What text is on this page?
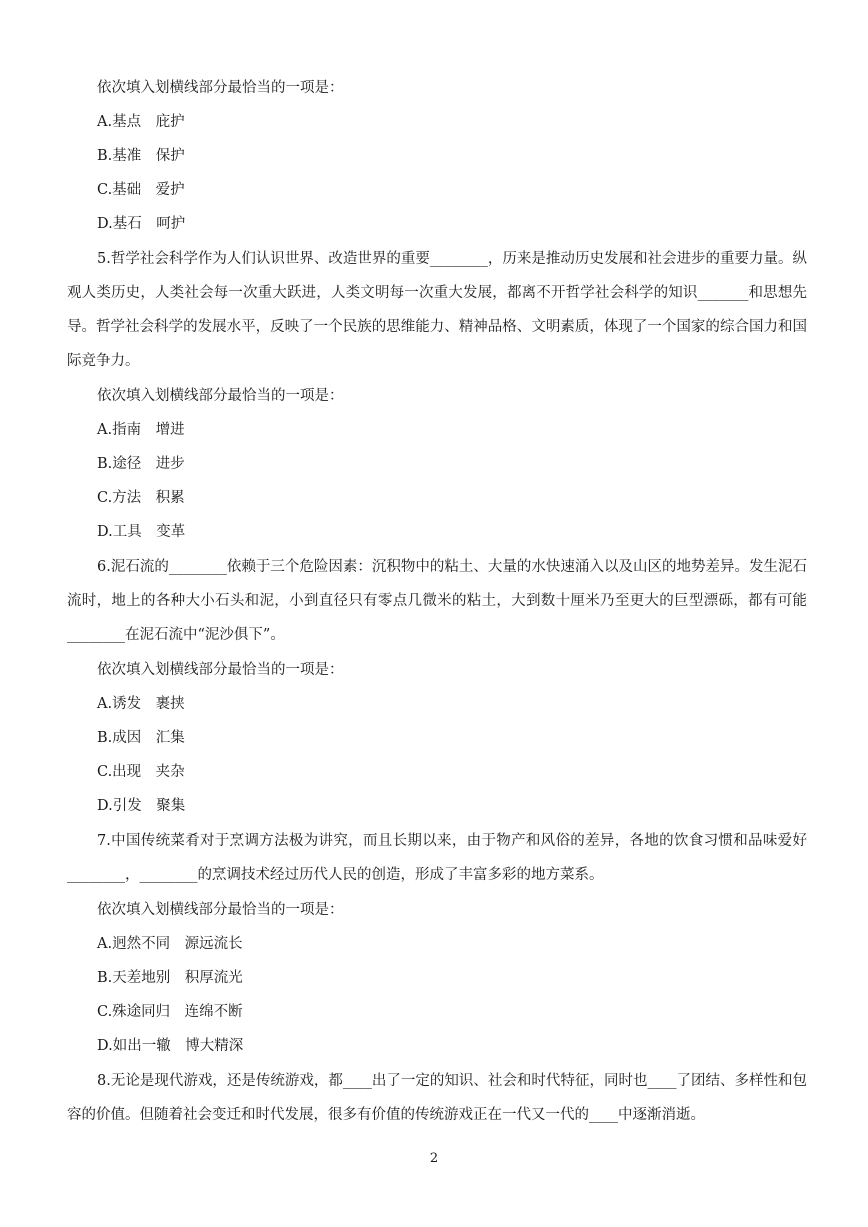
依次填入划横线部分最恰当的一项是：

A.基点　庇护

B.基准　保护

C.基础　爱护

D.基石　呵护

5.哲学社会科学作为人们认识世界、改造世界的重要________，历来是推动历史发展和社会进步的重要力量。纵观人类历史，人类社会每一次重大跃进，人类文明每一次重大发展，都离不开哲学社会科学的知识_______和思想先导。哲学社会科学的发展水平，反映了一个民族的思维能力、精神品格、文明素质，体现了一个国家的综合国力和国际竞争力。

依次填入划横线部分最恰当的一项是：

A.指南　增进

B.途径　进步

C.方法　积累

D.工具　变革

6.泥石流的________依赖于三个危险因素：沉积物中的粘土、大量的水快速涌入以及山区的地势差异。发生泥石流时，地上的各种大小石头和泥，小到直径只有零点几微米的粘土，大到数十厘米乃至更大的巨型漂砾，都有可能________在泥石流中“泥沙俱下”。

依次填入划横线部分最恰当的一项是：

A.诱发　裹挟

B.成因　汇集

C.出现　夹杂

D.引发　聚集

7.中国传统菜肴对于烹调方法极为讲究，而且长期以来，由于物产和风俗的差异，各地的饮食习惯和品味爱好________，________的烹调技术经过历代人民的创造，形成了丰富多彩的地方菜系。

依次填入划横线部分最恰当的一项是：

A.迥然不同　源远流长

B.天差地别　积厚流光

C.殊途同归　连绵不断

D.如出一辙　博大精深

8.无论是现代游戏，还是传统游戏，都____出了一定的知识、社会和时代特征，同时也____了团结、多样性和包容的价值。但随着社会变迁和时代发展，很多有价值的传统游戏正在一代又一代的____中逐渐消逝。

2
